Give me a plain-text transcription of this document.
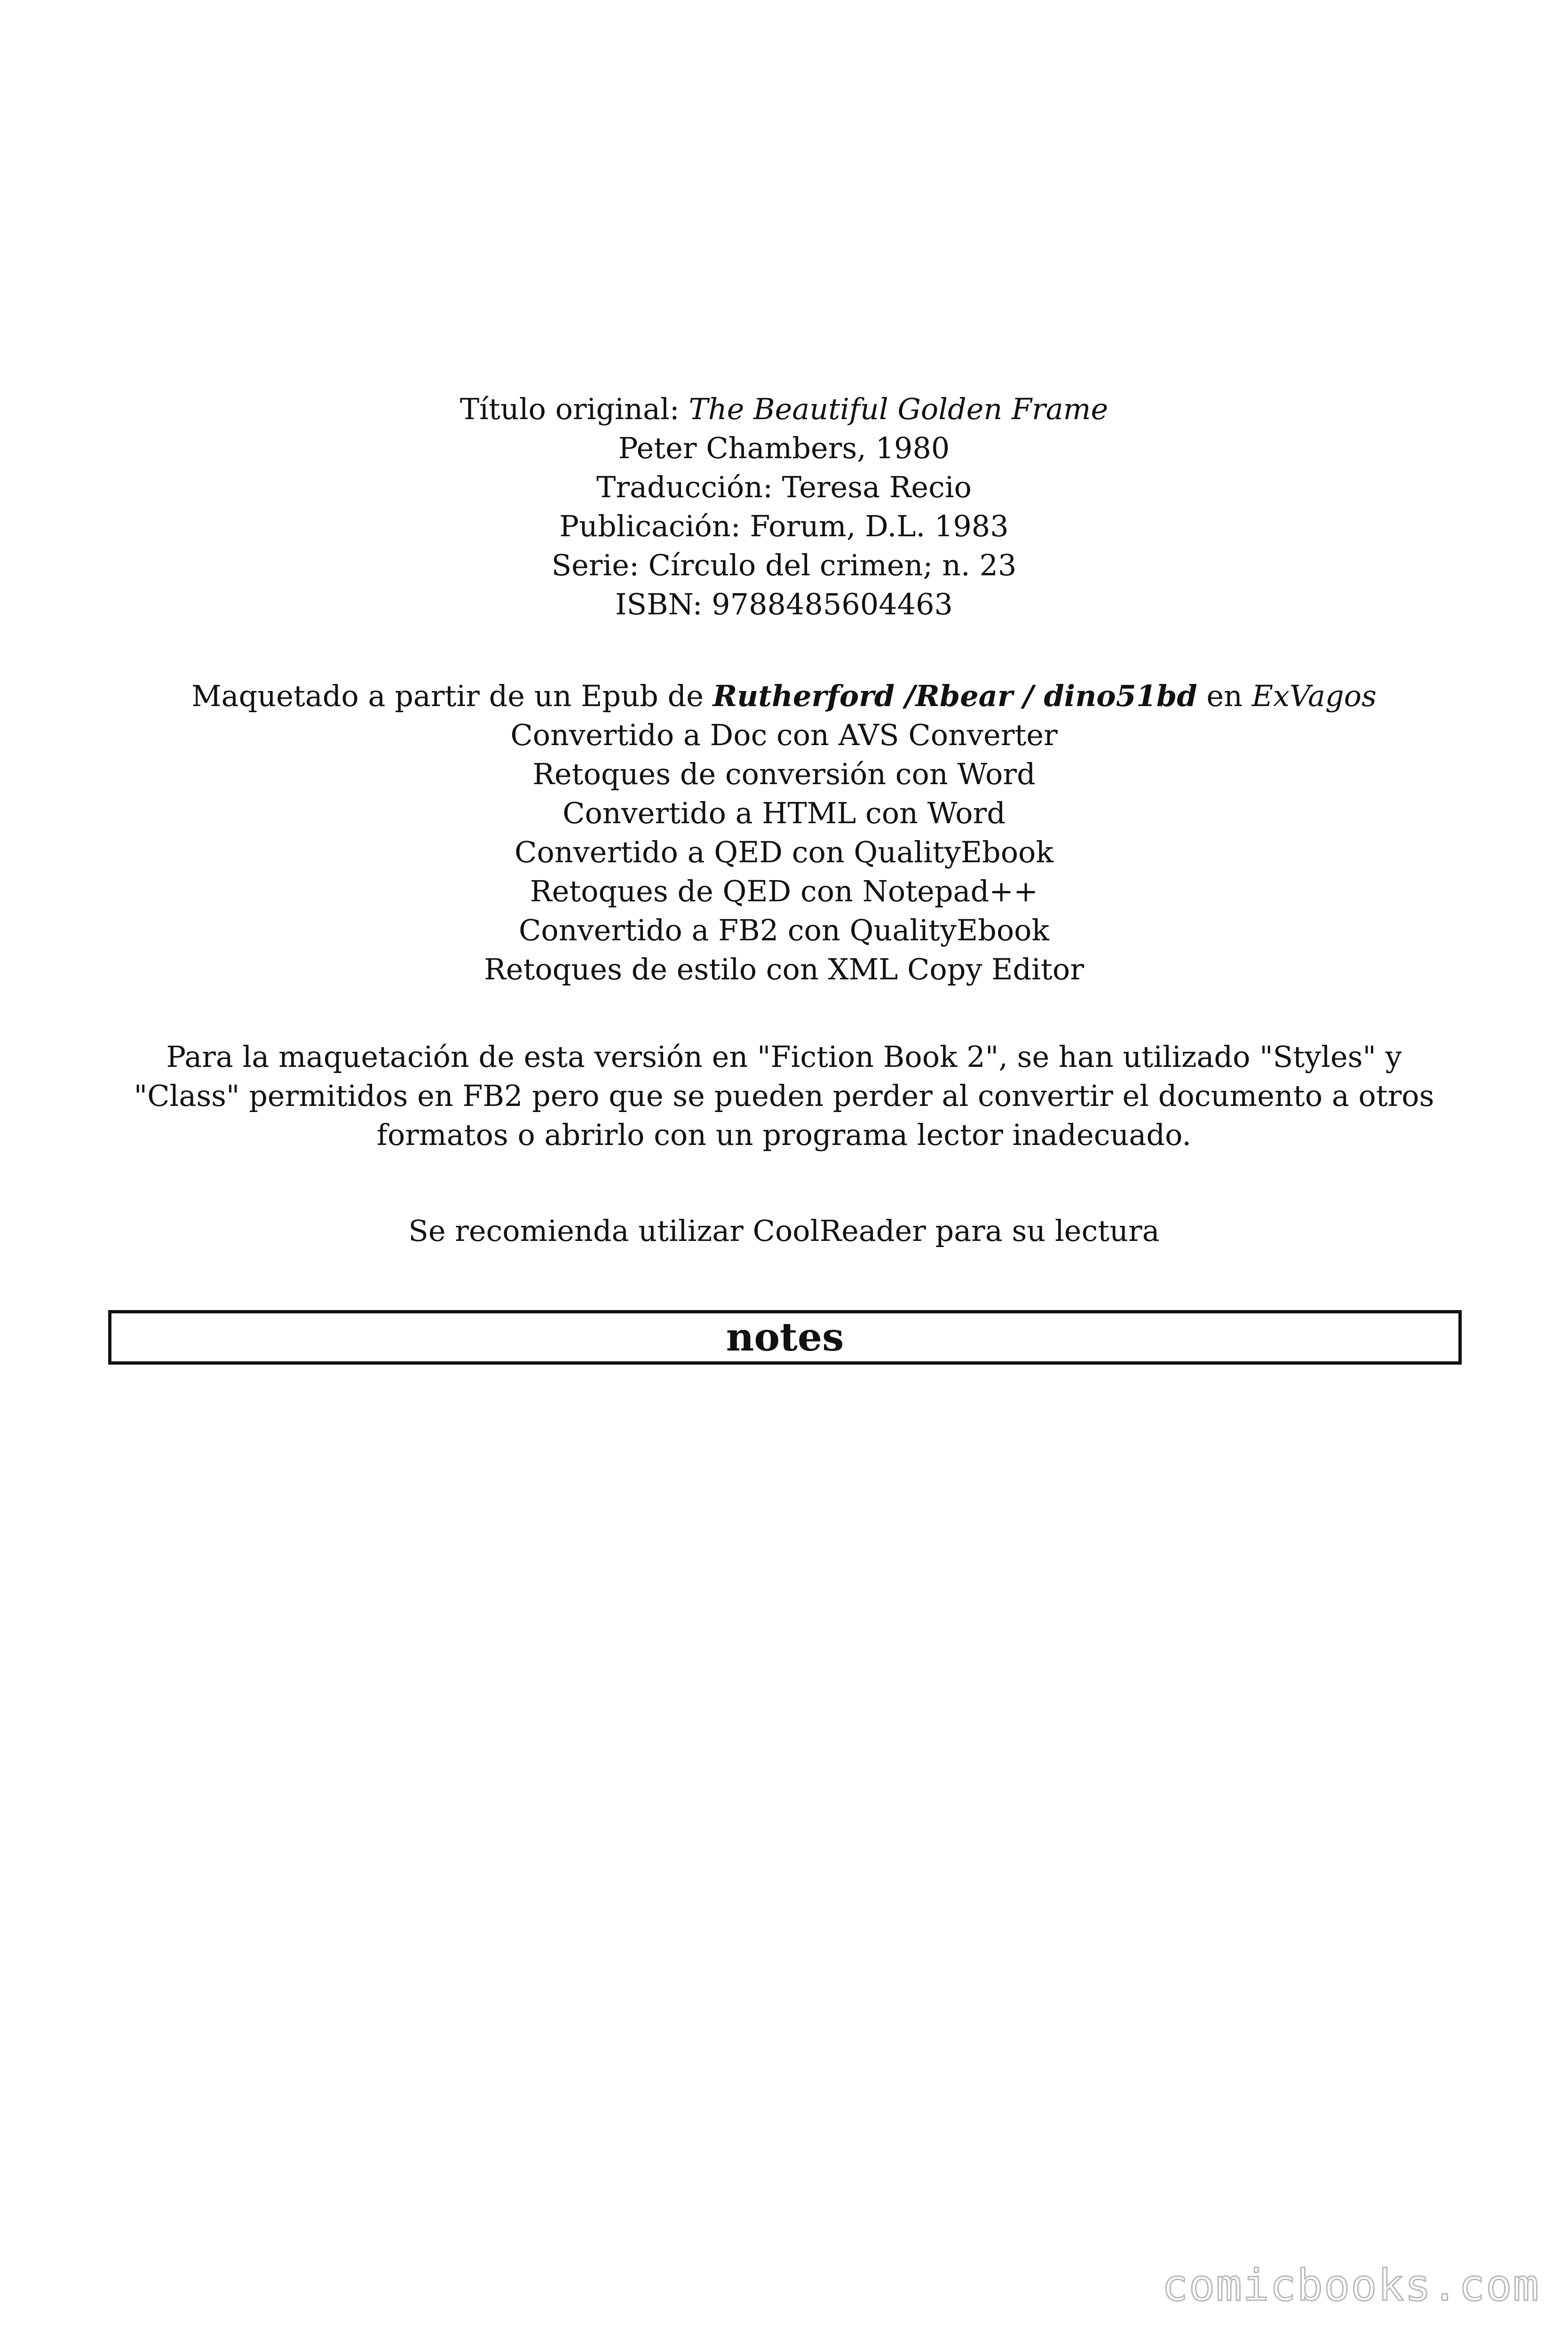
Título original: The Beautiful Golden Frame
Peter Chambers, 1980
Traducción: Teresa Recio
Publicación: Forum, D.L. 1983
Serie: Círculo del crimen; n. 23
ISBN: 9788485604463
Maquetado a partir de un Epub de Rutherford /Rbear / dino51bd en ExVagos
Convertido a Doc con AVS Converter
Retoques de conversión con Word
Convertido a HTML con Word
Convertido a QED con QualityEbook
Retoques de QED con Notepad++
Convertido a FB2 con QualityEbook
Retoques de estilo con XML Copy Editor
Para la maquetación de esta versión en "Fiction Book 2", se han utilizado "Styles" y "Class" permitidos en FB2 pero que se pueden perder al convertir el documento a otros formatos o abrirlo con un programa lector inadecuado.
Se recomienda utilizar CoolReader para su lectura
notes
comicbooks.com
